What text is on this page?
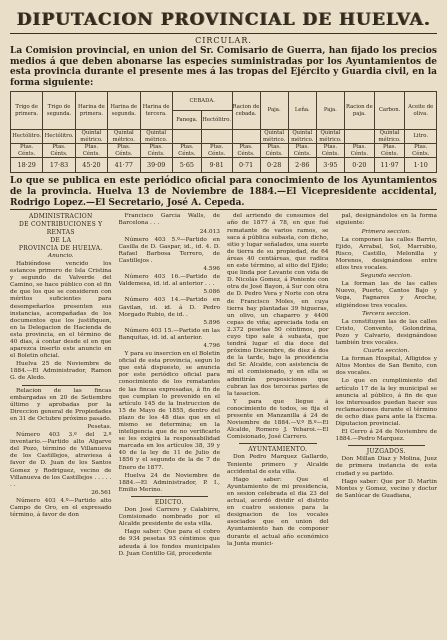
DIPUTACION PROVINCIAL DE HUELVA.
CIRCULAR.

La Comision provincial, en union del Sr. Comisario de Guerra, han fijado los precios medios á que deben abonarse las especies suministradas por los Ayuntamientos de esta provincia durante el presente mes á las tropas del Ejército y Guardia civil, en la forma siguiente:

Trigo de primera.	Trigo de segunda.	Harina de primera.	Harina de segunda.	Harina de tercera.	CEBADA.		Racion de cebada.	Paja.	Leña.	Paja.	Racion de paja.	Carbon.	Aceite de oliva.
					Fanega.	Hectólitro.							
Hectólitro.	Hectólitro.	Quintal métrico.	Quintal métrico.	Quintal métrico.				Quintal métrico.	Quintal métrico.	Quintal métrico.		Quintal métrico.	Litro.
Ptas. Cénts.	Ptas. Cénts.	Ptas. Cénts.	Ptas. Cénts.	Ptas. Cénts.	Ptas. Cénts.	Ptas. Cénts.	Ptas. Cénts.	Ptas. Cénts.	Ptas. Cénts.	Ptas. Cénts.	Ptas. Cénts.	Ptas. Cénts.	Ptas. Cénts.
18·29	17·83	45·20	41·77	39·09	5·65	9·81	0·71	0·28	2·86	3·95	0·20	11·97	1·10

Lo que se publica en este periódico oficial para conocimiento de los Ayuntamientos de la provincia. Huelva 13 de Noviembre de 1884.—El Vicepresidente accidental, Rodrigo Lopez.—El Secretario, José A. Cepeda.

ADMINISTRACION

DE CONTRIBUCIONES Y RENTAS

DE LA

PROVINCIA DE HUELVA.

Anuncio.

Habiéndose vencido los estancos primero de Isla Cristina y segundo de Valverde del Camino, se hace público con el fin de que los que se consideren con méritos suficientes para desempeñarlos presenten sus instancias, acompañadas de los documentos que los justifiquen, en la Delegacion de Hacienda de esta provincia, en el término de 40 dias, á contar desde el en que aparezca inserto este anuncio en el Boletin oficial.

Huelva 25 de Noviembre de 1884.—El Administrador, Ramon G. de Aledo.

Relacion de las fincas embargadas en 20 de Setiembre último y aprobadas por la Direccion general de Propiedades en 31 de Octubre próximo pasado.

Pesetas.

Número 403 3.º del 2.º inventario.—Partido alto Algarve del Pozo, término de Villanueva de los Castillejos, atraviesa á favor de D. Juan de los Santos Gomez y Rodriguez, vecino de Villanueva de los Castillejos . . . . . . .

26.561

Número 403 4.º—Partido alto Campo de Oro, en el expresado término, á favor de don

Francisco García Walls, de Barcelona . . .

24.013

Número 403 5.º—Partido en Casilla de D. Gaspar, id., id. 4. D. Rafael Barbosa Terrero, de Castillejos .

4.596

Número 403 16.—Partido de Valdemesa, id. id. al anterior . . .

5.086

Número 403 14.—Partido en Gavilan, id. id. á D. Pedro Morgado Rubio, de id. .

5.896

Número 403 15.—Partido en las Banquitas, id. id. al anterior.

4.796

Y para su insercion en el Boletin oficial de esta provincia, segun lo que está dispuesto, se anuncia por este periódico oficial para conocimiento de los rematantes de las fincas expresadas, á fin de que cumplan lo prevenido en el artículo 145 de la Instruccion de 15 de Mayo de 1855, dentro del plazo de los 48 dias que en el mismo se determina; en la inteligencia que de no verificarlo se les exigirá la responsabilidad marcada en los artículos 38, 39 y 40 de la ley de 11 de Julio de 1856 y el segundo de la de 7 de Enero de 1877.

Huelva 24 de Noviembre de 1884.—El Administrador, P. I., Emilio Merino.

EDICTO.

Don José Carrero y Calabirre, Comisionado nombrado por el Alcalde presidente de esta villa.

Hago saber: Que para el cobro de 934 pesetas 93 céntimos que adeuda á los fondos municipales D. Juan Centillo Gil, procedente

del arriendo de consumos del año de 1877 á 78, en que fué rematante de varios ramos, se saca á pública subasta, con dicho, sitio y lugar señalados, una suerte de tierra de su propiedad, de 64 áreas 40 centiáreas, que radica en este término, al sitio del Ejido; que linda por Levante con vida de D. Nicolás Gomez, á Poniente con otra de José Bayon, á Sur con otra de D. Pedro Vera y Norte con otra de Francisco Moles, en cuya tierra hay plantadas 39 higueras, un olivo, un chaparro y 4400 cepas de viña; apreciada toda en 2.372 pesetas 50 céntimos, por cuyo tipo sale á subasta, que tendrá lugar el dia doce del próximo Diciembre, de diez á dos de la tarde, bajo la presidencia del Sr. Alcalde, con asistencia de mí el comisionado, y en ella se admitirán proposiciones que cubran las dos terceras partes de la tasacion.

Y para que llegue á conocimiento de todos, se fija el presente en Manzanilla á 24 de Noviembre de 1884.—V.º B.º—El Alcalde, Romero J. Yebaroi.—El Comisionado, José Carrero.

AYUNTAMIENTO.

Don Pedro Marquez Gallardo, Teniente primero y Alcalde accidental de esta villa.

Hago saber: Que el Ayuntamiento de mi presidencia, en sesion celebrada el dia 23 del actual, acordó dividir el distrito en cuatro sesiones para la designacion de los vocales asociados que en union del Ayuntamiento han de componer durante el actual año económico la Junta munici-

pal, designándolos en la forma siguiente:

Primera seccion.

La componen las calles Barrio, Ejido, Arrabal, Sol, Marrubio, Risco, Castillo, Melonilla y Morenos, designándose entre ellos tres vocales.

Segunda seccion.

La forman las de las calles Nuevo, Puerto, Cantos Bajo y Vega, Fagnares y Aroche, eligiéndose tres vocales.

Tercera seccion.

La constituyen las de las calles Cristo, Convento, Golondrina, Pozo y Calvario, designándose también tres vocales.

Cuarta seccion.

La forman Hospital, Afligidos y Altos Montes de San Benito, con dos vocales.

Lo que en cumplimiento del artículo 17 de la ley municipal se anuncia al público, á fin de que los interesados puedan hacer sus reclamaciones durante el término de ocho dias para ante la Excma. Diputacion provincial.

El Cerro á 24 de Noviembre de 1884.—Pedro Marquez.

JUZGADOS.

Don Millan Diaz y Molina, Juez de primera instancia de esta ciudad y su partido.

Hago saber: Que por D. Martin Montes y Gomez, vecino y doctor de Sanlúcar de Guadiana,
